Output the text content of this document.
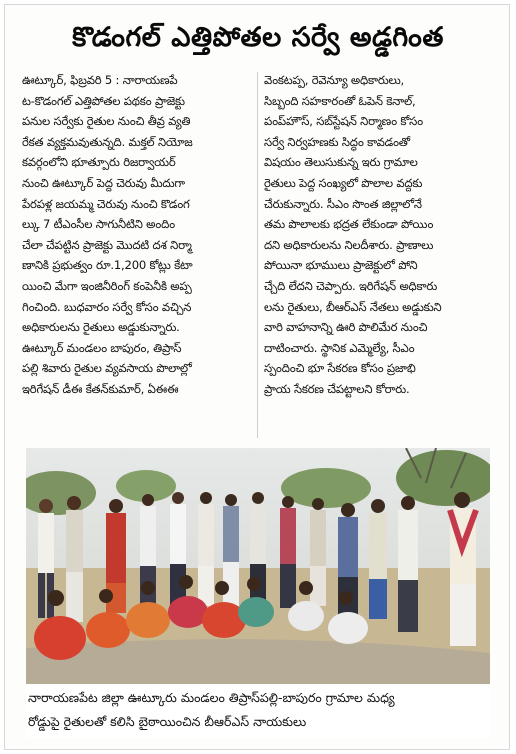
కొడంగల్ ఎత్తిపోతల సర్వే అడ్డగింత
ఊట్కూర్, ఫిబ్రవరి 5 : నారాయణపే
ట-కొడంగల్ ఎత్తిపోతల పథకం ప్రాజెక్టు
పనుల సర్వేకు రైతుల నుంచి తీవ్ర వ్యతి
రేకత వ్యక్తమవుతున్నది. మక్తల్ నియోజ
కవర్గంలోని భూత్పూరు రిజర్వాయర్
నుంచి ఊట్కూర్ పెద్ద చెరువు మీదుగా
పేరపళ్ల జయమ్మ చెరువు నుంచి కొడంగ
ల్కు 7 టీఎంసీల సాగునీటిని అందిం
చేలా చేపట్టిన ప్రాజెక్టు మొదటి దశ నిర్మా
ణానికి ప్రభుత్వం రూ.1,200 కోట్లు కేటా
యించి మేగా ఇంజినీరింగ్ కంపెనీకి అప్ప
గించింది. బుధవారం సర్వే కోసం వచ్చిన
అధికారులను రైతులు అడ్డుకున్నారు.
ఊట్కూర్ మండలం బాపురం, తిప్రాస్
పల్లి శివారు రైతుల వ్యవసాయ పొలాల్లో
ఇరిగేషన్ డీఈ కేతన్‌కుమార్, ఏఈఈ
వెంకటప్ప, రెవెన్యూ అధికారులు,
సిబ్బంది సహకారంతో ఓపెన్ కెనాల్,
పంప్‌హౌస్, సబ్‌స్టేషన్ నిర్మాణం కోసం
సర్వే నిర్వహణకు సిద్ధం కావడంతో
విషయం తెలుసుకున్న ఇరు గ్రామాల
రైతులు పెద్ద సంఖ్యలో పొలాల వద్దకు
చేరుకున్నారు. సీఎం సొంత జిల్లాలోనే
తమ పొలాలకు భద్రత లేకుండా పోయిం
దని అధికారులను నిలదీశారు. ప్రాణాలు
పోయినా భూములు ప్రాజెక్టులో పోని
చ్చేది లేదని చెప్పారు. ఇరిగేషన్ అధికారు
లను రైతులు, బీఆర్‌ఎస్ నేతలు అడ్డుకుని
వారి వాహనాన్ని ఊరి పొలిమేర నుంచి
దాటించారు. స్థానిక ఎమ్మెల్యే, సీఎం
స్పందించి భూ సేకరణ కోసం ప్రజాభి
ప్రాయ సేకరణ చేపట్టాలని కోరారు.
నారాయణపేట జిల్లా ఊట్కూరు మండలం తిప్రాస్‌పల్లి-బాపురం గ్రామాల మధ్య
రోడ్డుపై రైతులతో కలిసి బైఠాయించిన బీఆర్‌ఎస్ నాయకులు
